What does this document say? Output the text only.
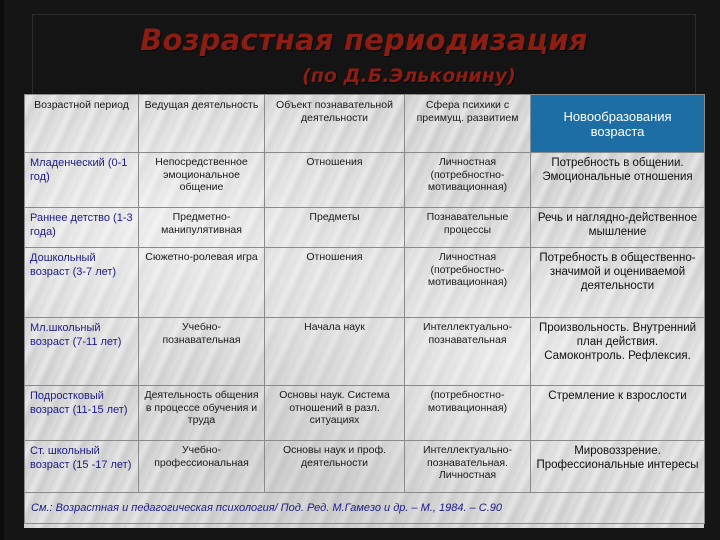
Возрастная периодизация
(по Д.Б.Эльконину)
Возрастной период	Ведущая деятельность	Объект познавательной деятельности	Сфера психики с преимущ. развитием	Новообразования возраста
Младенческий (0-1 год)	Непосредственное эмоциональное общение	Отношения	Личностная (потребностно-мотивационная)	Потребность в общении. Эмоциональные отношения
Раннее детство (1-3 года)	Предметно-манипулятивная	Предметы	Познавательные процессы	Речь и наглядно-действенное мышление
Дошкольный возраст (3-7 лет)	Сюжетно-ролевая игра	Отношения	Личностная (потребностно-мотивационная)	Потребность в общественно-значимой и оцениваемой деятельности
Мл.школьный возраст (7-11 лет)	Учебно-познавательная	Начала наук	Интеллектуально-познавательная	Произвольность. Внутренний план действия. Самоконтроль. Рефлексия.
Подростковый возраст (11-15 лет)	Деятельность общения в процессе обучения и труда	Основы наук. Система отношений в разл. ситуациях	(потребностно-мотивационная)	Стремление к взрослости
Ст. школьный возраст (15 -17 лет)	Учебно-профессиональная	Основы наук и проф. деятельности	Интеллектуально-познавательная. Личностная	Мировоззрение. Профессиональные интересы
См.: Возрастная и педагогическая психология/ Под. Ред. М.Гамезо и др. – М., 1984. – С.90				
